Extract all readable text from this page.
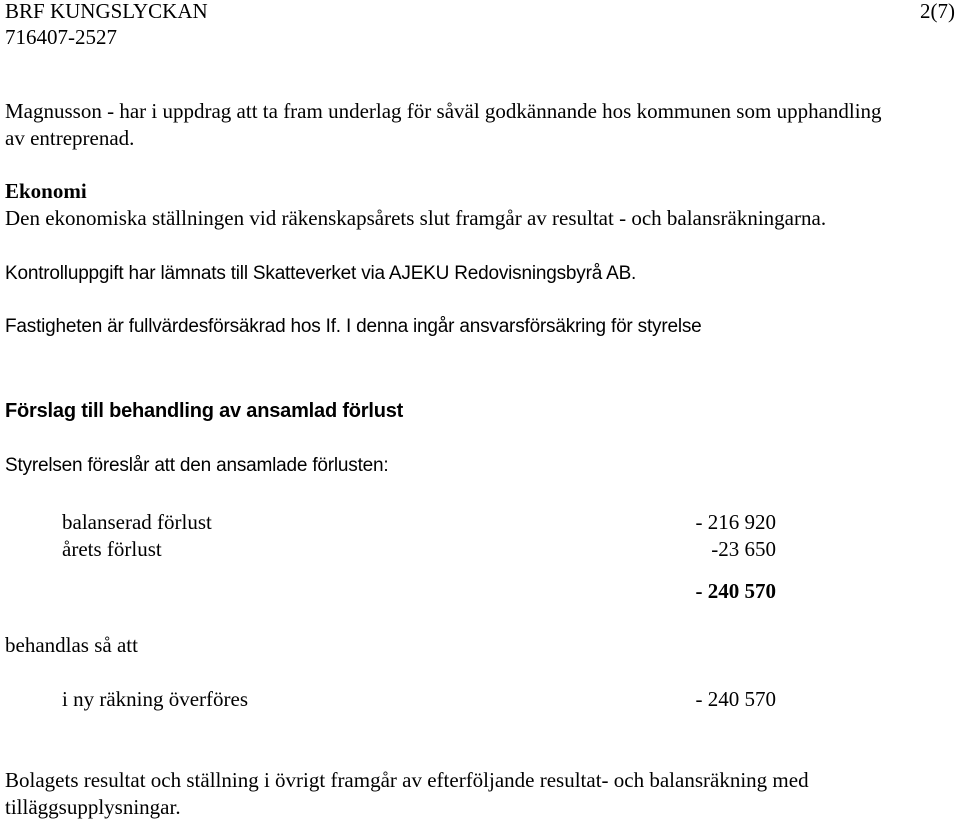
BRF KUNGSLYCKAN

716407-2527

2(7)

Magnusson - har i uppdrag att ta fram underlag för såväl godkännande hos kommunen som upphandling

av entreprenad.

Ekonomi

Den ekonomiska ställningen vid räkenskapsårets slut framgår av resultat - och balansräkningarna.

Kontrolluppgift har lämnats till Skatteverket via AJEKU Redovisningsbyrå AB.

Fastigheten är fullvärdesförsäkrad hos If. I denna ingår ansvarsförsäkring för styrelse

Förslag till behandling av ansamlad förlust

Styrelsen föreslår att den ansamlade förlusten:

balanserad förlust	- 216 920

årets förlust	-23 650

- 240 570

behandlas så att

i ny räkning överföres	- 240 570

Bolagets resultat och ställning i övrigt framgår av efterföljande resultat- och balansräkning med

tilläggsupplysningar.
